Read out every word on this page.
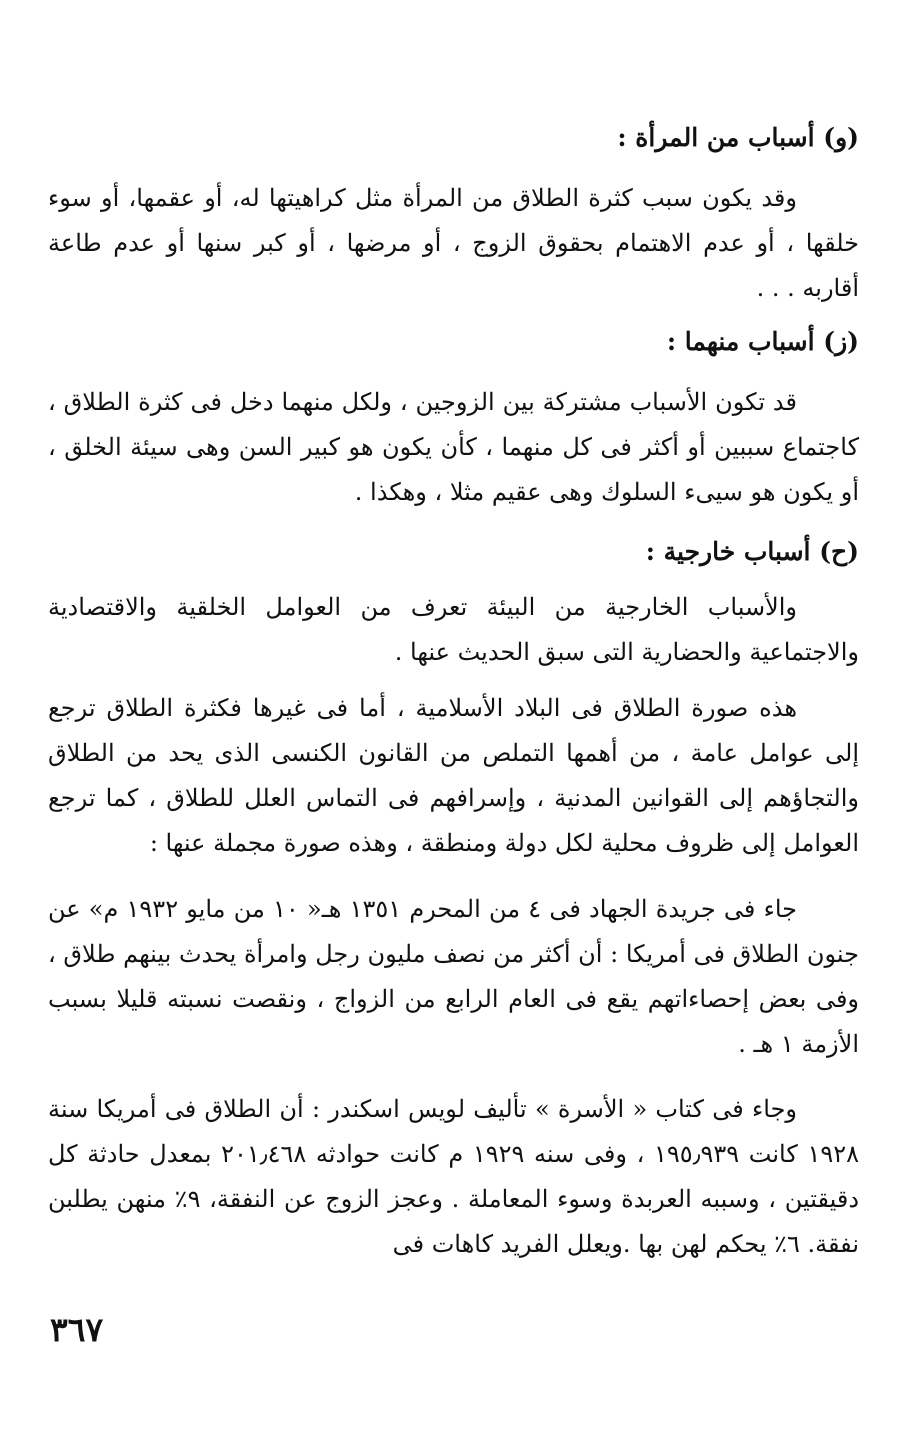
(و) أسباب من المرأة :
وقد يكون سبب كثرة الطلاق من المرأة مثل كراهيتها له، أو عقمها، أو سوء خلقها ، أو عدم الاهتمام بحقوق الزوج ، أو مرضها ، أو كبر سنها أو عدم طاعة أقاربه . . .
(ز) أسباب منهما :
قد تكون الأسباب مشتركة بين الزوجين ، ولكل منهما دخل فى كثرة الطلاق ، كاجتماع سببين أو أكثر فى كل منهما ، كأن يكون هو كبير السن وهى سيئة الخلق ، أو يكون هو سيىء السلوك وهى عقيم مثلا ، وهكذا .
(ح) أسباب خارجية :
والأسباب الخارجية من البيئة تعرف من العوامل الخلقية والاقتصادية والاجتماعية والحضارية التى سبق الحديث عنها .
هذه صورة الطلاق فى البلاد الأسلامية ، أما فى غيرها فكثرة الطلاق ترجع إلى عوامل عامة ، من أهمها التملص من القانون الكنسى الذى يحد من الطلاق والتجاؤهم إلى القوانين المدنية ، وإسرافهم فى التماس العلل للطلاق ، كما ترجع العوامل إلى ظروف محلية لكل دولة ومنطقة ، وهذه صورة مجملة عنها :
جاء فى جريدة الجهاد فى ٤ من المحرم ١٣٥١ هـ« ١٠ من مايو ١٩٣٢ م» عن جنون الطلاق فى أمريكا : أن أكثر من نصف مليون رجل وامرأة يحدث بينهم طلاق ، وفى بعض إحصاءاتهم يقع فى العام الرابع من الزواج ، ونقصت نسبته قليلا بسبب الأزمة ١ هـ .
وجاء فى كتاب « الأسرة » تأليف لويس اسكندر : أن الطلاق فى أمريكا سنة ١٩٢٨ كانت ١٩٥٫٩٣٩ ، وفى سنه ١٩٢٩ م كانت حوادثه ٢٠١٫٤٦٨ بمعدل حادثة كل دقيقتين ، وسببه العربدة وسوء المعاملة . وعجز الزوج عن النفقة، ٩٪ منهن يطلبن نفقة. ٦٪ يحكم لهن بها .ويعلل الفريد كاهات فى
٣٦٧
